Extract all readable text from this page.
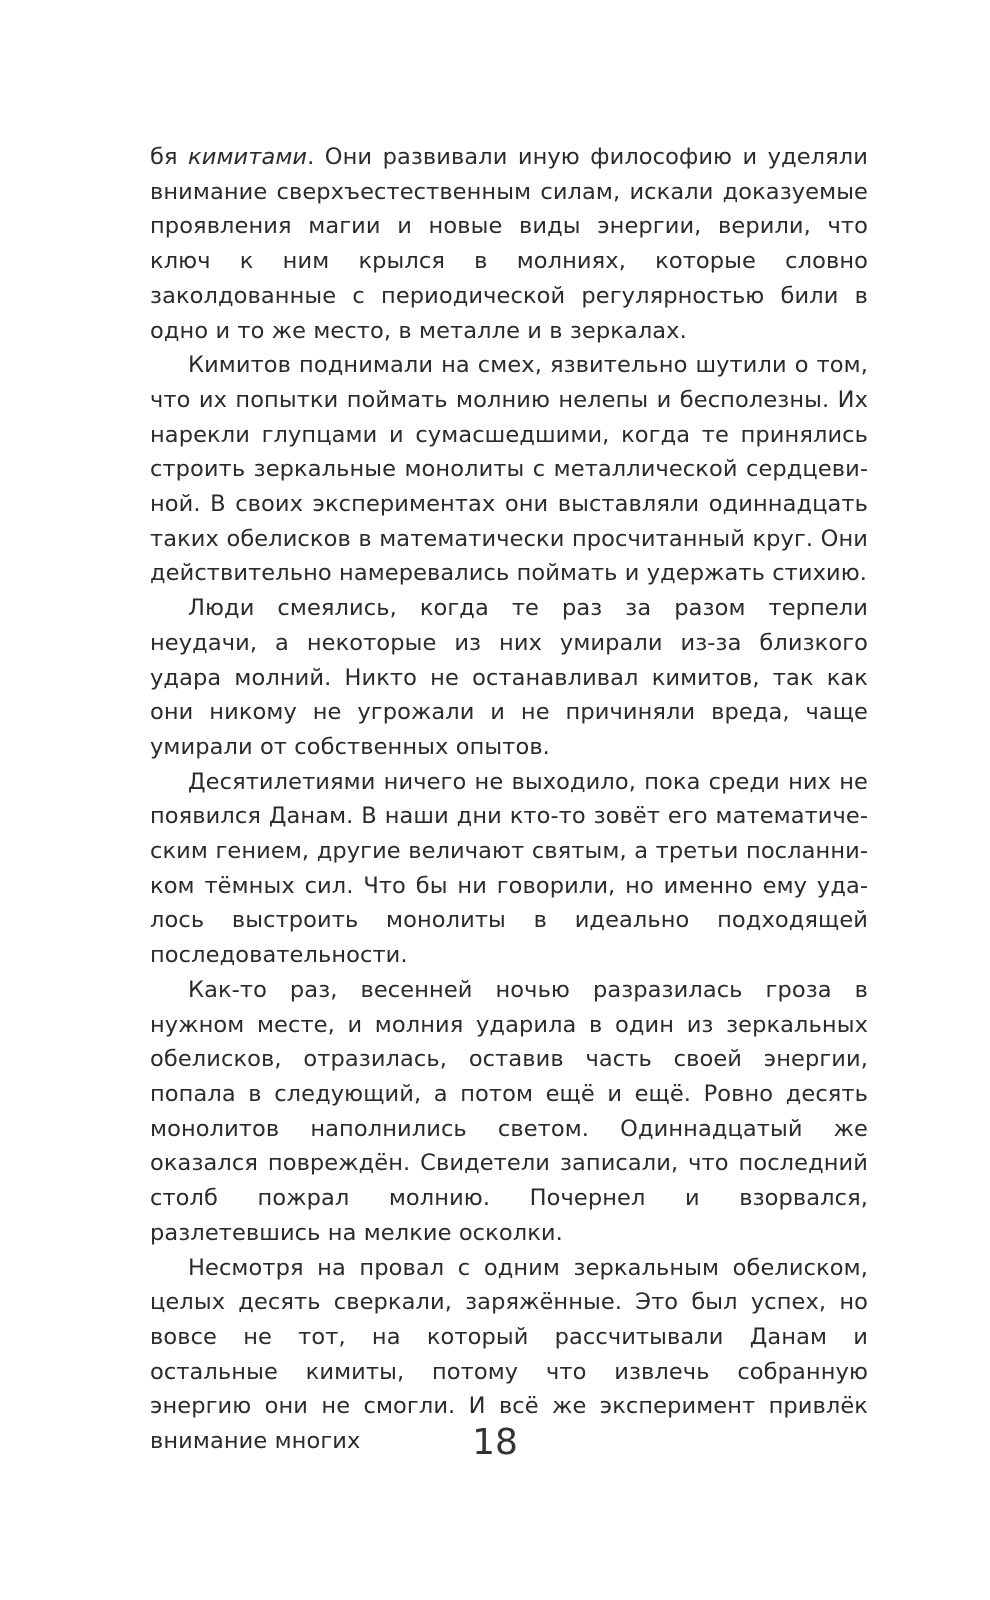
бя кимитами. Они развивали иную философию и уделяли внимание сверхъестественным силам, искали доказуемые проявления магии и новые виды энергии, верили, что ключ к ним крылся в молниях, которые словно заколдованные с периодической регулярностью били в одно и то же место, в металле и в зеркалах.

Кимитов поднимали на смех, язвительно шутили о том, что их попытки поймать молнию нелепы и бесполезны. Их нарекли глупцами и сумасшедшими, когда те принялись строить зеркальные монолиты с металлической сердцевиной. В своих экспериментах они выставляли одиннадцать таких обелисков в математически просчитанный круг. Они действительно намеревались поймать и удержать стихию.

Люди смеялись, когда те раз за разом терпели неудачи, а некоторые из них умирали из-за близкого удара молний. Никто не останавливал кимитов, так как они никому не угрожали и не причиняли вреда, чаще умирали от собственных опытов.

Десятилетиями ничего не выходило, пока среди них не появился Данам. В наши дни кто-то зовёт его математическим гением, другие величают святым, а третьи посланником тёмных сил. Что бы ни говорили, но именно ему удалось выстроить монолиты в идеально подходящей последовательности.

Как-то раз, весенней ночью разразилась гроза в нужном месте, и молния ударила в один из зеркальных обелисков, отразилась, оставив часть своей энергии, попала в следующий, а потом ещё и ещё. Ровно десять монолитов наполнились светом. Одиннадцатый же оказался повреждён. Свидетели записали, что последний столб пожрал молнию. Почернел и взорвался, разлетевшись на мелкие осколки.

Несмотря на провал с одним зеркальным обелиском, целых десять сверкали, заряжённые. Это был успех, но вовсе не тот, на который рассчитывали Данам и остальные кимиты, потому что извлечь собранную энергию они не смогли. И всё же эксперимент привлёк внимание многих	18
